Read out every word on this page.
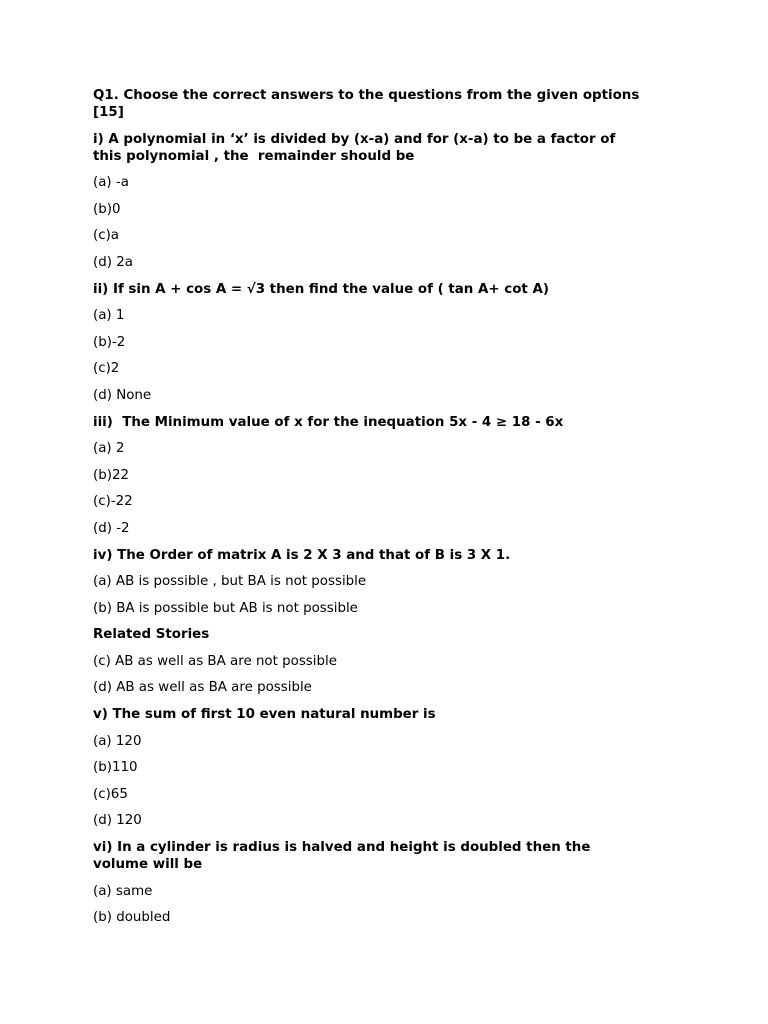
Q1. Choose the correct answers to the questions from the given options
[15]
i) A polynomial in ‘x’ is divided by (x-a) and for (x-a) to be a factor of
this polynomial , the  remainder should be
(a) -a
(b)0
(c)a
(d) 2a
ii) If sin A + cos A = √3 then find the value of ( tan A+ cot A)
(a) 1
(b)-2
(c)2
(d) None
iii)  The Minimum value of x for the inequation 5x - 4 ≥ 18 - 6x
(a) 2
(b)22
(c)-22
(d) -2
iv) The Order of matrix A is 2 X 3 and that of B is 3 X 1.
(a) AB is possible , but BA is not possible
(b) BA is possible but AB is not possible
Related Stories
(c) AB as well as BA are not possible
(d) AB as well as BA are possible
v) The sum of first 10 even natural number is
(a) 120
(b)110
(c)65
(d) 120
vi) In a cylinder is radius is halved and height is doubled then the
volume will be
(a) same
(b) doubled
